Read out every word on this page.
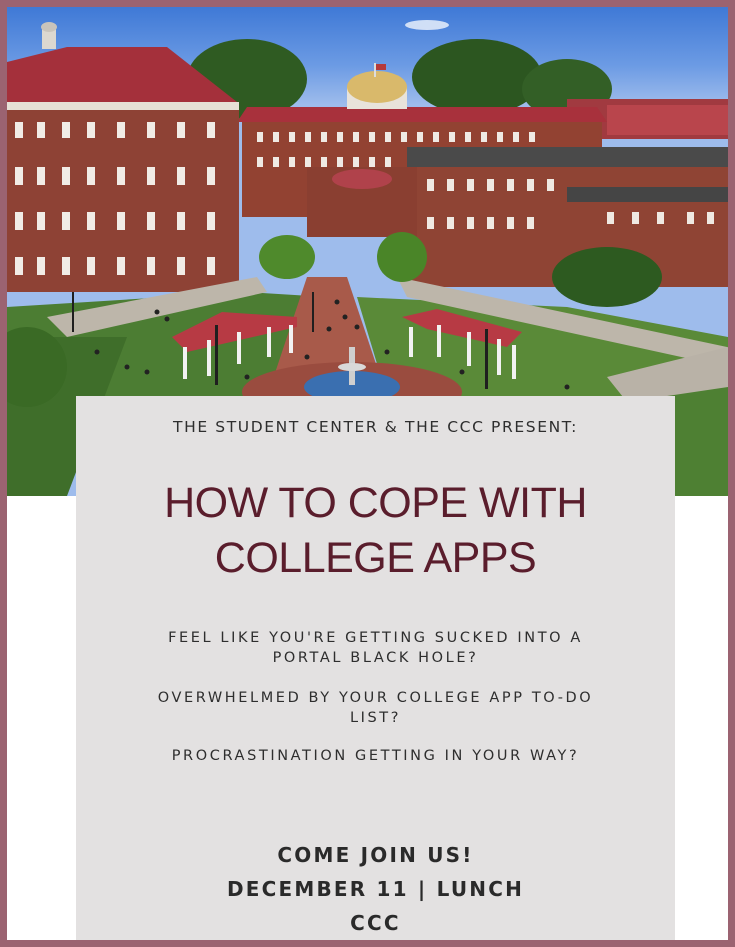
THE STUDENT CENTER & THE CCC PRESENT:
HOW TO COPE WITH
COLLEGE APPS
FEEL LIKE YOU'RE GETTING SUCKED INTO A PORTAL BLACK HOLE?
OVERWHELMED BY YOUR COLLEGE APP TO-DO LIST?
PROCRASTINATION GETTING IN YOUR WAY?
COME JOIN US!
DECEMBER 11 | LUNCH
CCC
